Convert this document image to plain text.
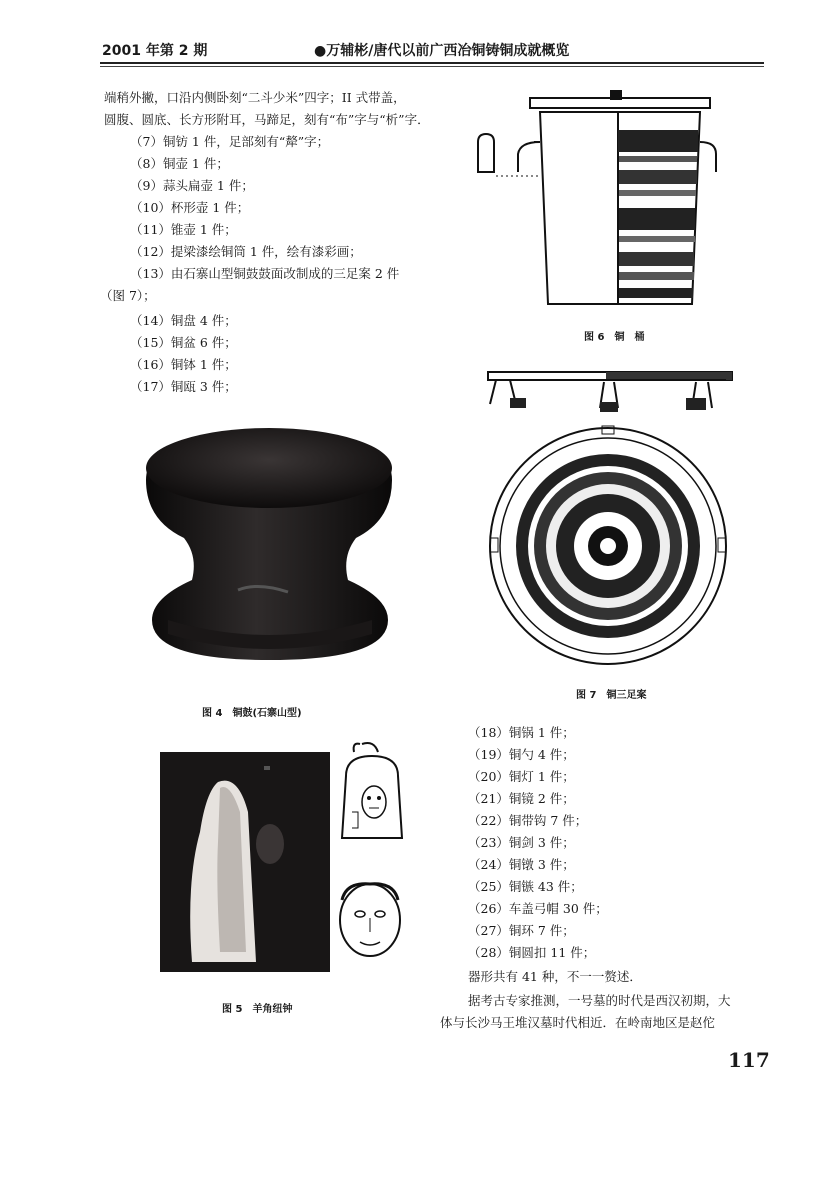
2001 年第 2 期	●万辅彬/唐代以前广西冶铜铸铜成就概览
端稍外撇，口沿内侧卧刻“二斗少米”四字；II 式带盖，
圆腹、圆底、长方形附耳，马蹄足，刻有“布”字与“析”字．
（7）铜钫 1 件，足部刻有“犛”字；
（8）铜壶 1 件；
（9）蒜头扁壶 1 件；
（10）杯形壶 1 件；
（11）锥壶 1 件；
（12）提梁漆绘铜筒 1 件，绘有漆彩画；
（13）由石寨山型铜鼓鼓面改制成的三足案 2 件
（图 7）；
（14）铜盘 4 件；
（15）铜盆 6 件；
（16）铜钵 1 件；
（17）铜瓯 3 件；
图 6　铜　桶
图 7　铜三足案
图 4　铜鼓(石寨山型)
图 5　羊角纽钟
（18）铜锅 1 件；
（19）铜勺 4 件；
（20）铜灯 1 件；
（21）铜镜 2 件；
（22）铜带钩 7 件；
（23）铜剑 3 件；
（24）铜镦 3 件；
（25）铜镞 43 件；
（26）车盖弓帽 30 件；
（27）铜环 7 件；
（28）铜圆扣 11 件；
器形共有 41 种，不一一赘述．
据考古专家推测，一号墓的时代是西汉初期，大
体与长沙马王堆汉墓时代相近．在岭南地区是赵佗
117
